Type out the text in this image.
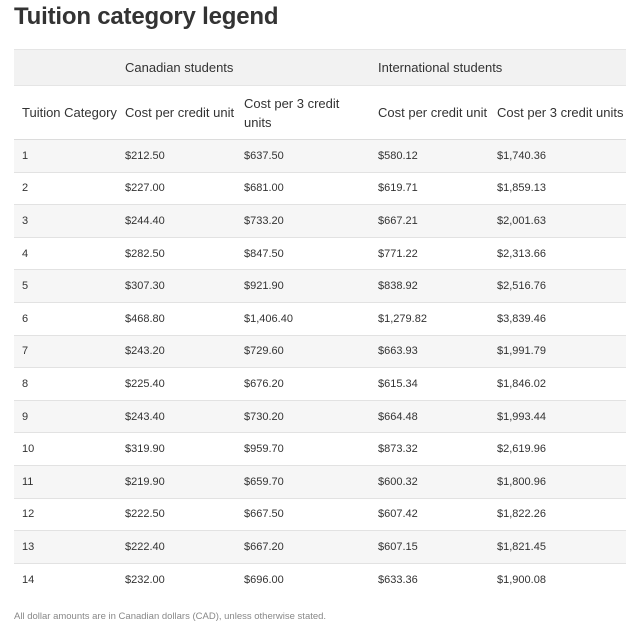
Tuition category legend
	Canadian students		International students	
Tuition Category	Cost per credit unit	Cost per 3 credit units	Cost per credit unit	Cost per 3 credit units
1	$212.50	$637.50	$580.12	$1,740.36
2	$227.00	$681.00	$619.71	$1,859.13
3	$244.40	$733.20	$667.21	$2,001.63
4	$282.50	$847.50	$771.22	$2,313.66
5	$307.30	$921.90	$838.92	$2,516.76
6	$468.80	$1,406.40	$1,279.82	$3,839.46
7	$243.20	$729.60	$663.93	$1,991.79
8	$225.40	$676.20	$615.34	$1,846.02
9	$243.40	$730.20	$664.48	$1,993.44
10	$319.90	$959.70	$873.32	$2,619.96
11	$219.90	$659.70	$600.32	$1,800.96
12	$222.50	$667.50	$607.42	$1,822.26
13	$222.40	$667.20	$607.15	$1,821.45
14	$232.00	$696.00	$633.36	$1,900.08

All dollar amounts are in Canadian dollars (CAD), unless otherwise stated.
